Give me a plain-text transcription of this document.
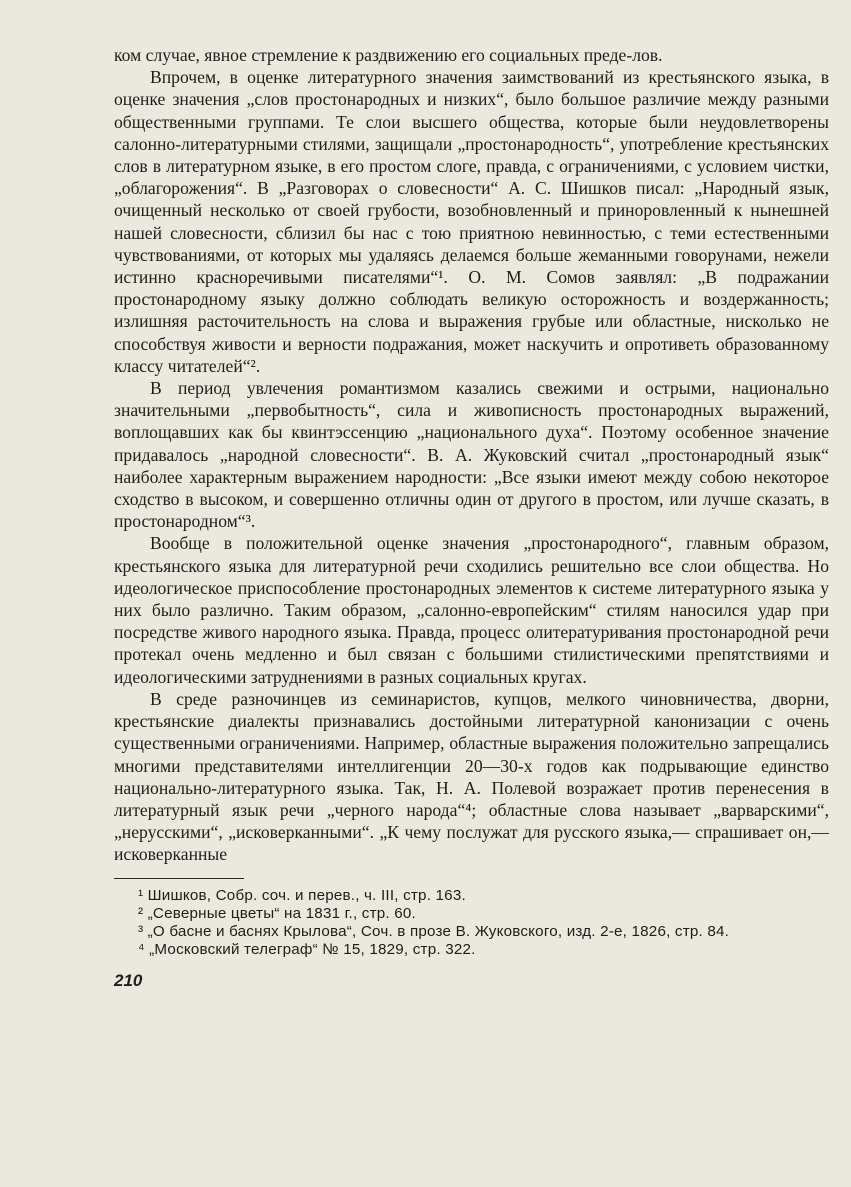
ком случае, явное стремление к раздвижению его социальных преде-лов.

Впрочем, в оценке литературного значения заимствований из крестьянского языка, в оценке значения „слов простонародных и низких“, было большое различие между разными общественными группами. Те слои высшего общества, которые были неудовлетворены салонно-литературными стилями, защищали „простонародность“, употребление крестьянских слов в литературном языке, в его простом слоге, правда, с ограничениями, с условием чистки, „облагорожения“. В „Разговорах о словесности“ А. С. Шишков писал: „Народный язык, очищенный несколько от своей грубости, возобновленный и приноровленный к нынешней нашей словесности, сблизил бы нас с тою приятною невинностью, с теми естественными чувствованиями, от которых мы удаляясь делаемся больше жеманными говорунами, нежели истинно красноречивыми писателями“¹. О. М. Сомов заявлял: „В подражании простонародному языку должно соблюдать великую осторожность и воздержанность; излишняя расточительность на слова и выражения грубые или областные, нисколько не способствуя живости и верности подражания, может наскучить и опротиветь образованному классу читателей“².

В период увлечения романтизмом казались свежими и острыми, национально значительными „первобытность“, сила и живописность простонародных выражений, воплощавших как бы квинтэссенцию „национального духа“. Поэтому особенное значение придавалось „народной словесности“. В. А. Жуковский считал „простонародный язык“ наиболее характерным выражением народности: „Все языки имеют между собою некоторое сходство в высоком, и совершенно отличны один от другого в простом, или лучше сказать, в простонародном“³.

Вообще в положительной оценке значения „простонародного“, главным образом, крестьянского языка для литературной речи сходились решительно все слои общества. Но идеологическое приспособление простонародных элементов к системе литературного языка у них было различно. Таким образом, „салонно-европейским“ стилям наносился удар при посредстве живого народного языка. Правда, процесс олитературивания простонародной речи протекал очень медленно и был связан с большими стилистическими препятствиями и идеологическими затруднениями в разных социальных кругах.

В среде разночинцев из семинаристов, купцов, мелкого чиновничества, дворни, крестьянские диалекты признавались достойными литературной канонизации с очень существенными ограничениями. Например, областные выражения положительно запрещались многими представителями интеллигенции 20—30-х годов как подрывающие единство национально-литературного языка. Так, Н. А. Полевой возражает против перенесения в литературный язык речи „черного народа“⁴; областные слова называет „варварскими“, „нерусскими“, „исковерканными“. „К чему послужат для русского языка,— спрашивает он,— исковерканные

¹ Шишков, Собр. соч. и перев., ч. III, стр. 163.

² „Северные цветы“ на 1831 г., стр. 60.

³ „О басне и баснях Крылова“, Соч. в прозе В. Жуковского, изд. 2-е, 1826, стр. 84.

⁴ „Московский телеграф“ № 15, 1829, стр. 322.

210
